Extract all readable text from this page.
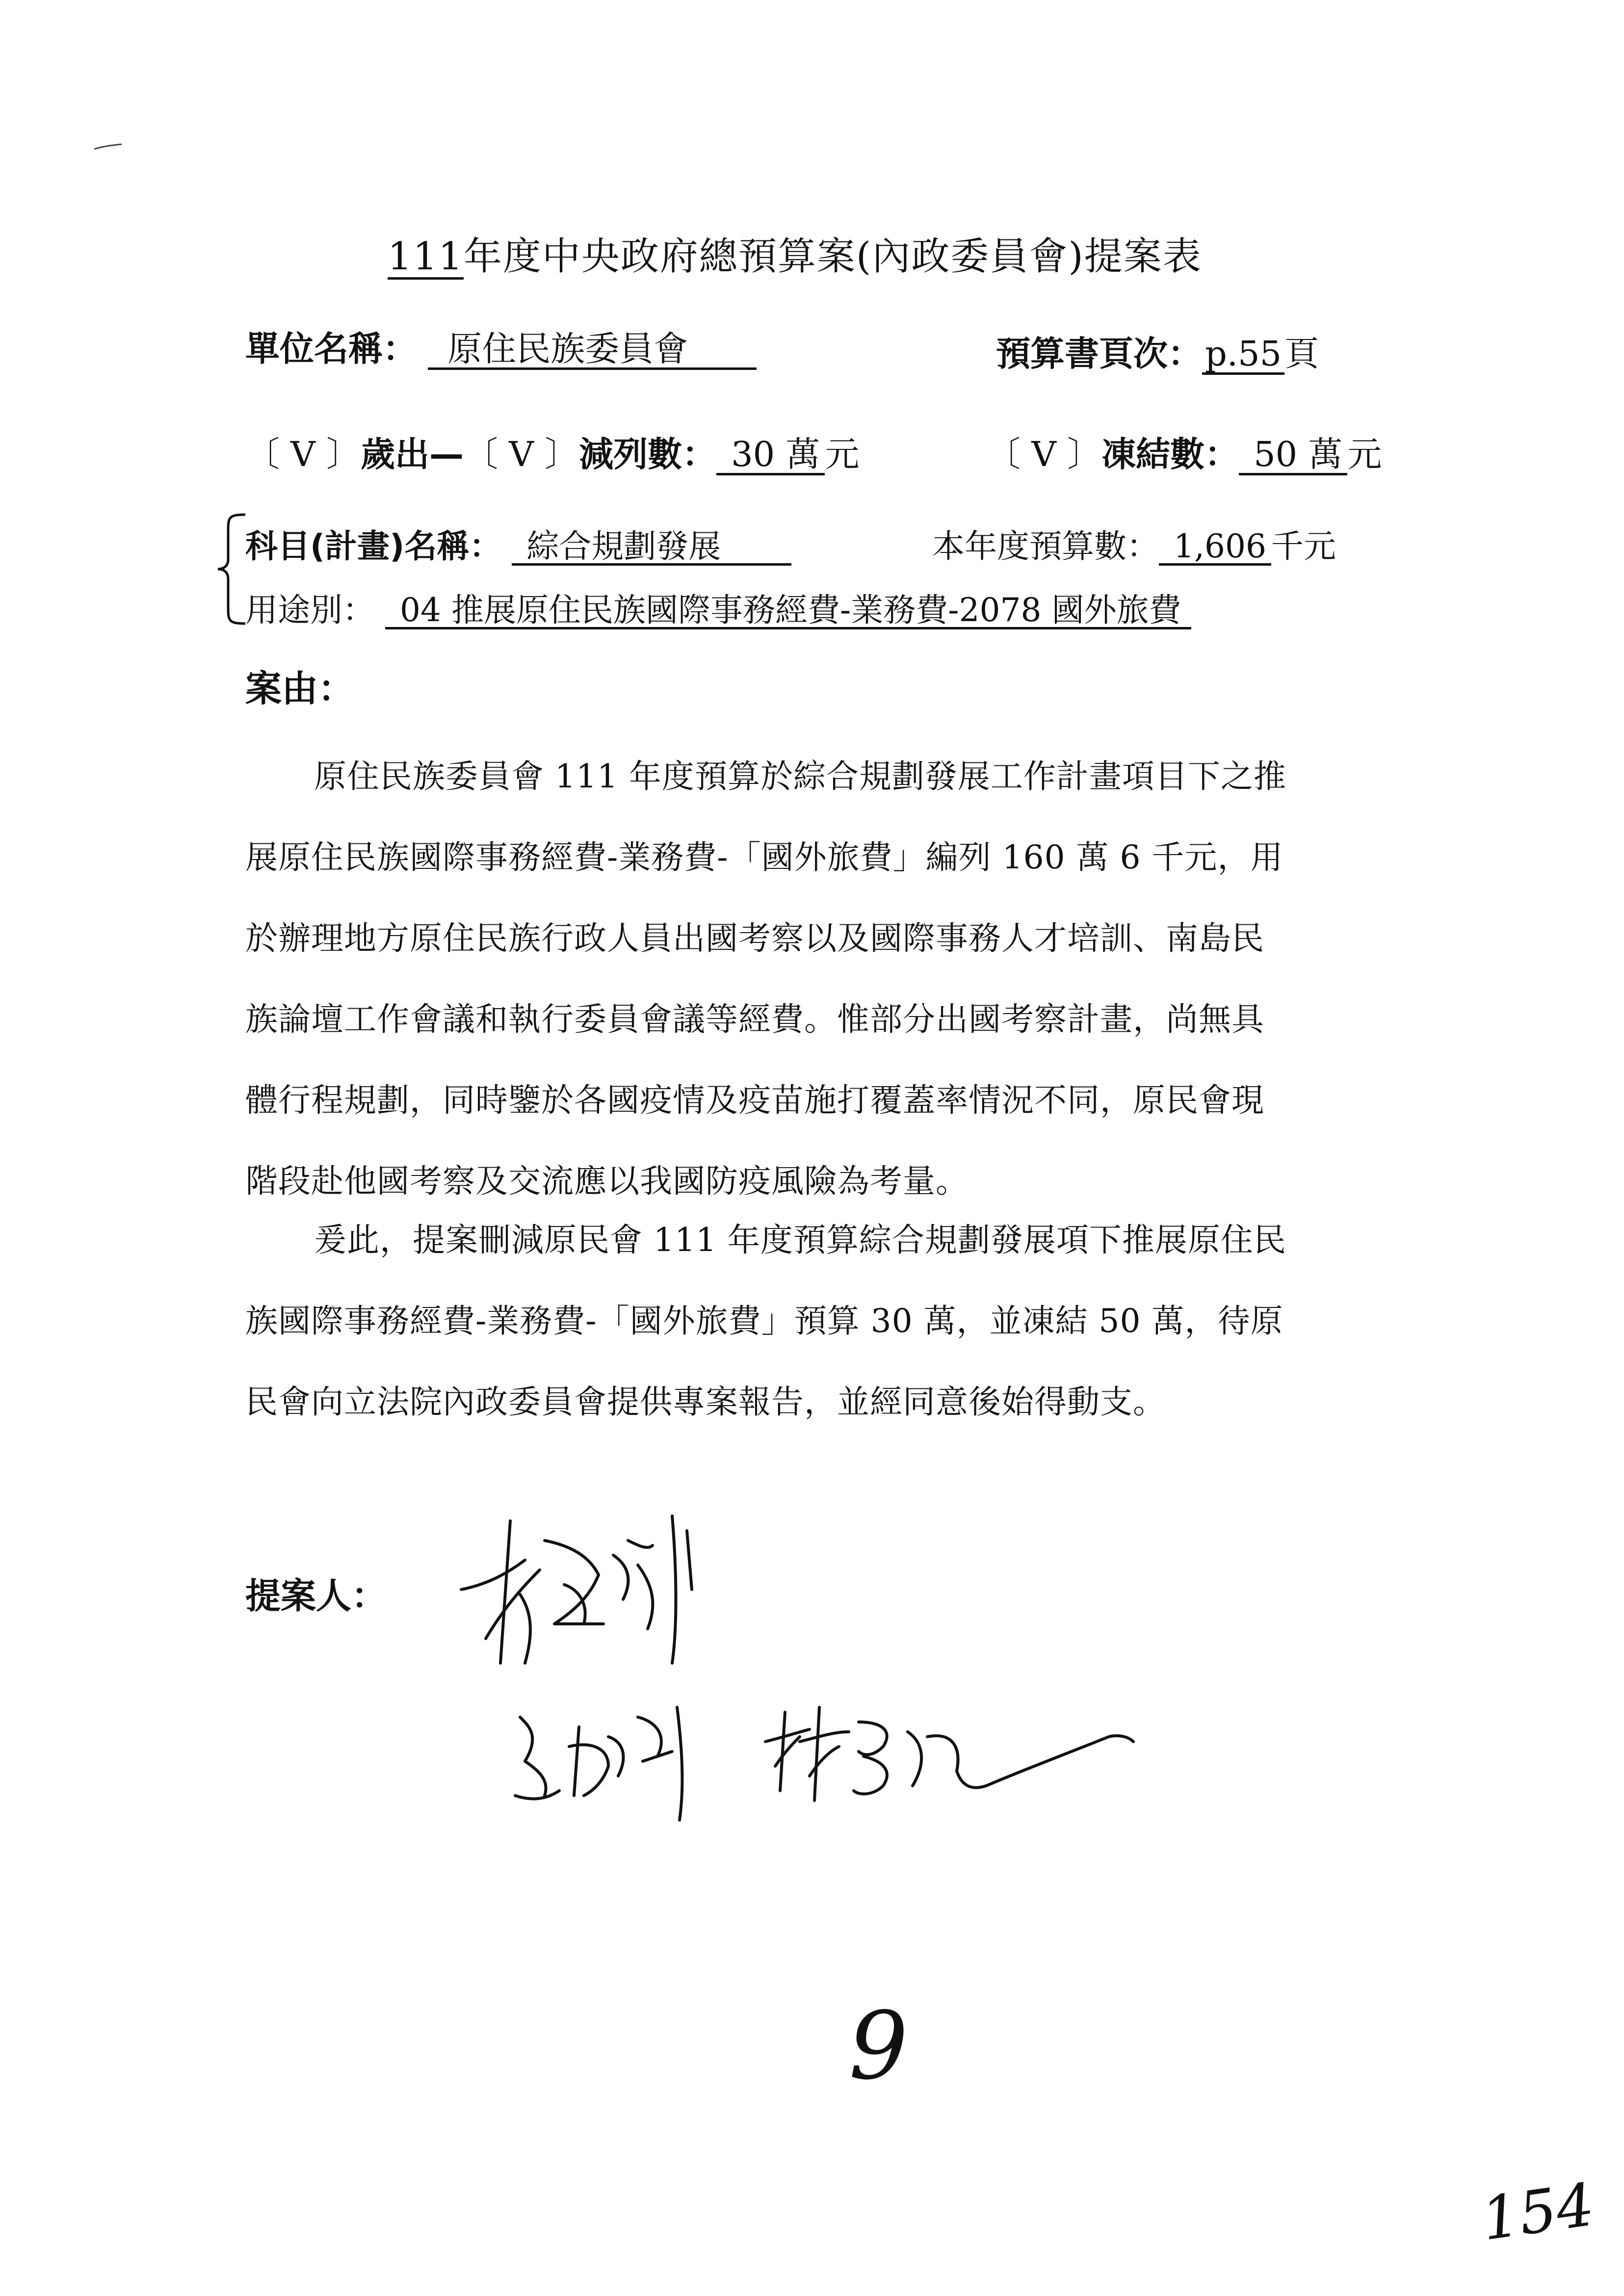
111年度中央政府總預算案(內政委員會)提案表
單位名稱： 原住民族委員會	預算書頁次：p.55頁
〔 V 〕歲出—〔 V 〕減列數： 30 萬 元	〔 V 〕凍結數： 50 萬 元
科目(計畫)名稱： 綜合規劃發展	本年度預算數： 1,606 千元
用途別： 04 推展原住民族國際事務經費-業務費-2078 國外旅費
案由：
原住民族委員會 111 年度預算於綜合規劃發展工作計畫項目下之推
展原住民族國際事務經費-業務費-「國外旅費」編列 160 萬 6 千元，用
於辦理地方原住民族行政人員出國考察以及國際事務人才培訓、南島民
族論壇工作會議和執行委員會議等經費。惟部分出國考察計畫，尚無具
體行程規劃，同時鑒於各國疫情及疫苗施打覆蓋率情況不同，原民會現
階段赴他國考察及交流應以我國防疫風險為考量。
爰此，提案刪減原民會 111 年度預算綜合規劃發展項下推展原住民
族國際事務經費-業務費-「國外旅費」預算 30 萬，並凍結 50 萬，待原
民會向立法院內政委員會提供專案報告，並經同意後始得動支。
提案人：
9
154
